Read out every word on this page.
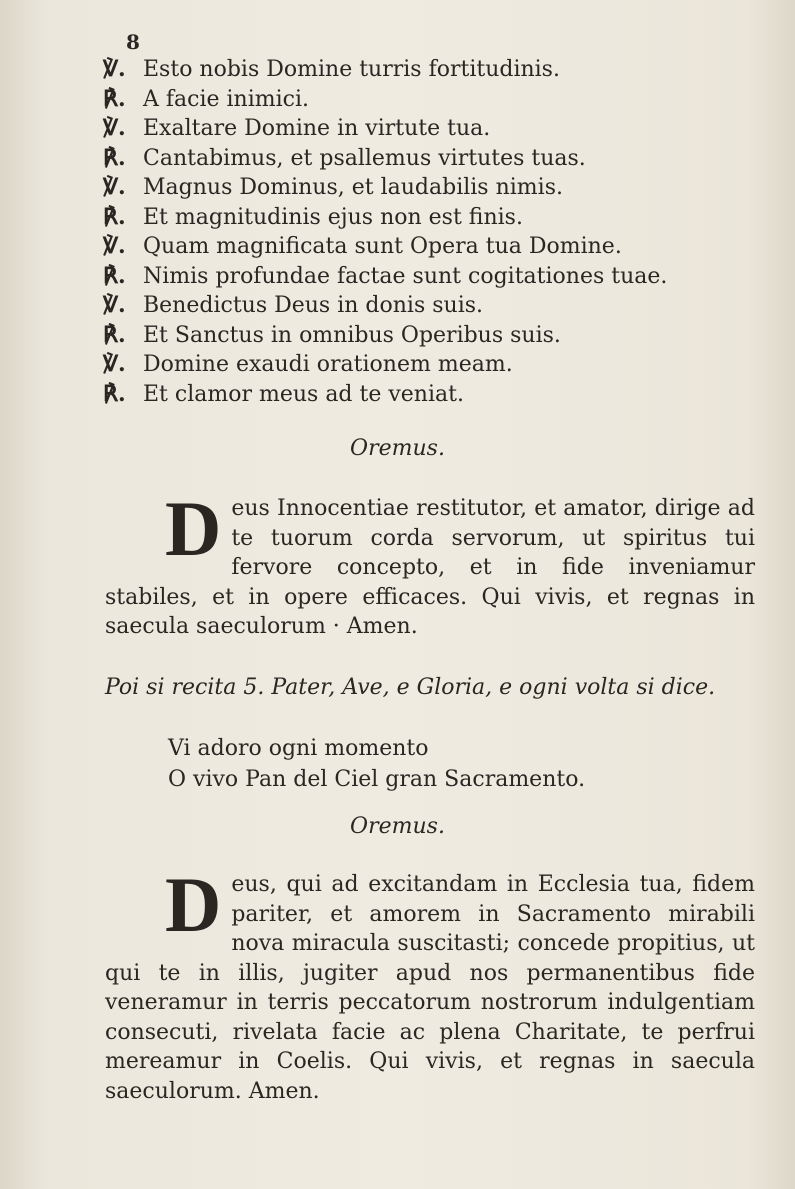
8
℣. Esto nobis Domine turris fortitudinis.
℟. A facie inimici.
℣. Exaltare Domine in virtute tua.
℟. Cantabimus, et psallemus virtutes tuas.
℣. Magnus Dominus, et laudabilis nimis.
℟. Et magnitudinis ejus non est finis.
℣. Quam magnificata sunt Opera tua Domine.
℟. Nimis profundae factae sunt cogitationes tuae.
℣. Benedictus Deus in donis suis.
℟. Et Sanctus in omnibus Operibus suis.
℣. Domine exaudi orationem meam.
℟. Et clamor meus ad te veniat.
Oremus.
Deus Innocentiae restitutor, et amator, dirige ad te tuorum corda servorum, ut spiritus tui fervore concepto, et in fide inveniamur stabiles, et in opere efficaces. Qui vivis, et regnas in saecula saeculorum · Amen.
Poi si recita 5. Pater, Ave, e Gloria, e ogni volta si dice.
Vi adoro ogni momento
O vivo Pan del Ciel gran Sacramento.
Oremus.
Deus, qui ad excitandam in Ecclesia tua, fidem pariter, et amorem in Sacramento mirabili nova miracula suscitasti; concede propitius, ut qui te in illis, jugiter apud nos permanentibus fide veneramur in terris peccatorum nostrorum indulgentiam consecuti, rivelata facie ac plena Charitate, te perfrui mereamur in Coelis. Qui vivis, et regnas in saecula saeculorum. Amen.
